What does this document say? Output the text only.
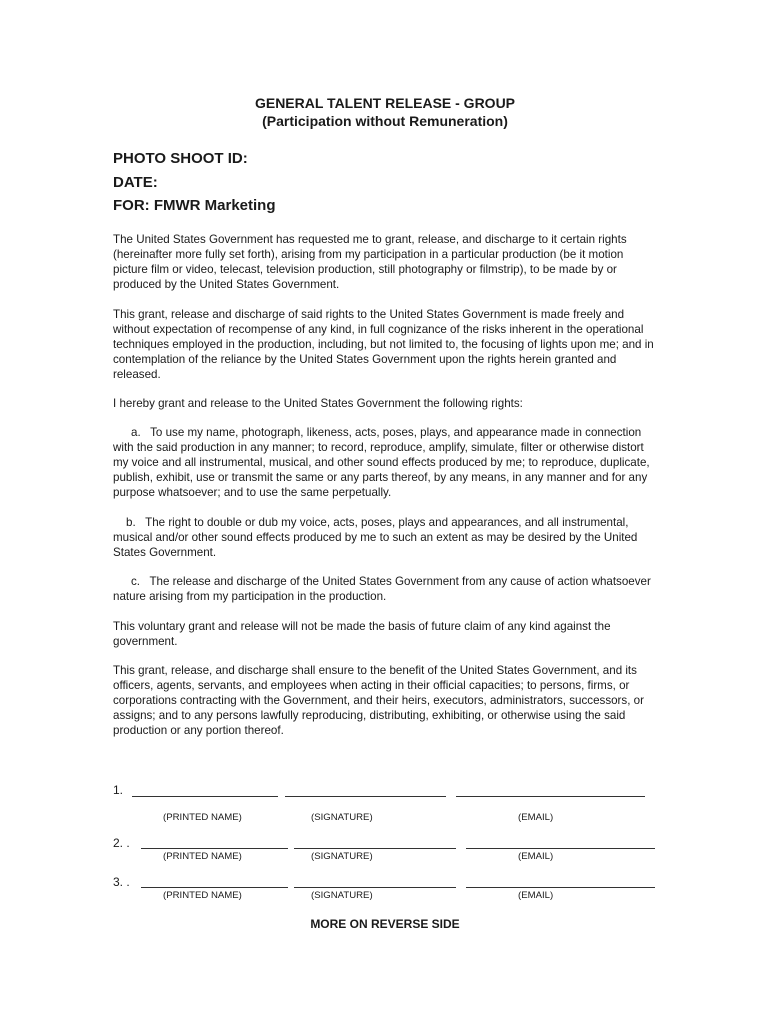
GENERAL TALENT RELEASE - GROUP
(Participation without Remuneration)
PHOTO SHOOT ID:
DATE:
FOR: FMWR Marketing
The United States Government has requested me to grant, release, and discharge to it certain rights (hereinafter more fully set forth), arising from my participation in a particular production (be it motion picture film or video, telecast, television production, still photography or filmstrip), to be made by or produced by the United States Government.
This grant, release and discharge of said rights to the United States Government is made freely and without expectation of recompense of any kind, in full cognizance of the risks inherent in the operational techniques employed in the production, including, but not limited to, the focusing of lights upon me; and in contemplation of the reliance by the United States Government upon the rights herein granted and released.
I hereby grant and release to the United States Government the following rights:
a.   To use my name, photograph, likeness, acts, poses, plays, and appearance made in connection with the said production in any manner; to record, reproduce, amplify, simulate, filter or otherwise distort my voice and all instrumental, musical, and other sound effects produced by me; to reproduce, duplicate, publish, exhibit, use or transmit the same or any parts thereof, by any means, in any manner and for any purpose whatsoever; and to use the same perpetually.
b.   The right to double or dub my voice, acts, poses, plays and appearances, and all instrumental, musical and/or other sound effects produced by me to such an extent as may be desired by the United States Government.
c.   The release and discharge of the United States Government from any cause of action whatsoever nature arising from my participation in the production.
This voluntary grant and release will not be made the basis of future claim of any kind against the government.
This grant, release, and discharge shall ensure to the benefit of the United States Government, and its officers, agents, servants, and employees when acting in their official capacities; to persons, firms, or corporations contracting with the Government, and their heirs, executors, administrators, successors, or assigns; and to any persons lawfully reproducing, distributing, exhibiting, or otherwise using the said production or any portion thereof.
1.
(PRINTED NAME)	(SIGNATURE)	(EMAIL)
2. .
(PRINTED NAME)	(SIGNATURE)	(EMAIL)
3. .
(PRINTED NAME)	(SIGNATURE)	(EMAIL)
MORE ON REVERSE SIDE
